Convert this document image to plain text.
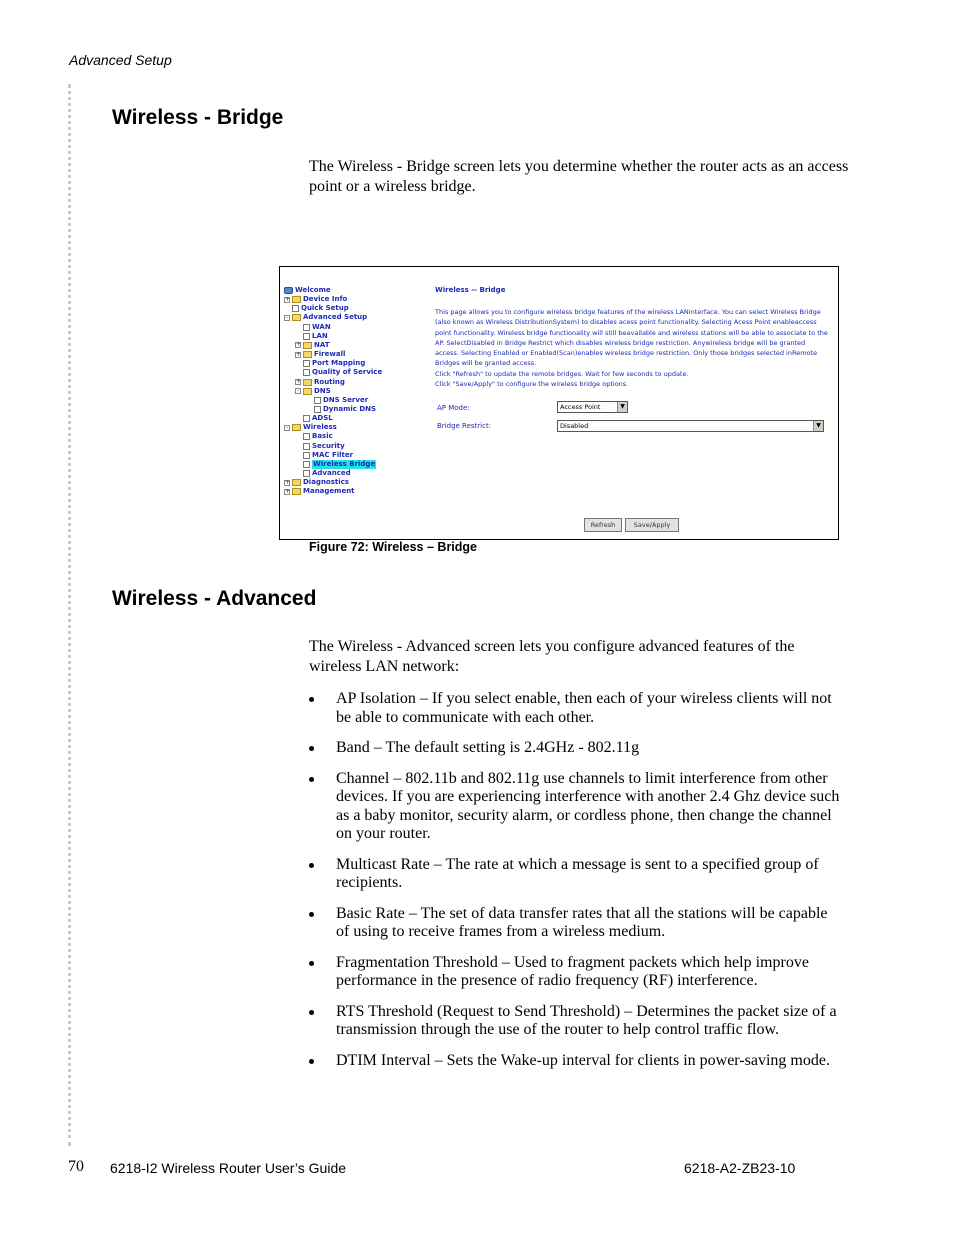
Advanced Setup
Wireless - Bridge

The Wireless - Bridge screen lets you determine whether the router acts as an access point or a wireless bridge.

Welcome
+ Device Info
Quick Setup
- Advanced Setup
WAN
LAN
+ NAT
+ Firewall
Port Mapping
Quality of Service
+ Routing
- DNS
DNS Server
Dynamic DNS
ADSL
- Wireless
Basic
Security
MAC Filter
Wireless Bridge
Advanced
+ Diagnostics
+ Management
Wireless -- Bridge
This page allows you to configure wireless bridge features of the wireless LANinterface. You can select Wireless Bridge (also known as Wireless DistributionSystem) to disables acess point functionality. Selecting Acess Point enableaccess point functionality. Wireless bridge functionality will still beavailable and wireless stations will be able to associate to the AP. SelectDisabled in Bridge Restrict which disables wireless bridge restriction. Anywireless bridge will be granted access. Selecting Enabled or Enabled(Scan)enables wireless bridge restriction. Only those bridges selected inRemote Bridges will be granted access.
Click "Refresh" to update the remote bridges. Wait for few seconds to update.
Click "Save/Apply" to configure the wireless bridge options.
AP Mode:	Access Point	▼
Bridge Restrict:	Disabled	▼
Refresh	Save/Apply
Figure 72: Wireless – Bridge
Wireless - Advanced

The Wireless - Advanced screen lets you configure advanced features of the wireless LAN network:

AP Isolation – If you select enable, then each of your wireless clients will not be able to communicate with each other.
Band – The default setting is 2.4GHz - 802.11g
Channel – 802.11b and 802.11g use channels to limit interference from other devices. If you are experiencing interference with another 2.4 Ghz device such as a baby monitor, security alarm, or cordless phone, then change the channel on your router.
Multicast Rate – The rate at which a message is sent to a specified group of recipients.
Basic Rate – The set of data transfer rates that all the stations will be capable of using to receive frames from a wireless medium.
Fragmentation Threshold – Used to fragment packets which help improve performance in the presence of radio frequency (RF) interference.
RTS Threshold (Request to Send Threshold) – Determines the packet size of a transmission through the use of the router to help control traffic flow.
DTIM Interval – Sets the Wake-up interval for clients in power-saving mode.
70 6218-I2 Wireless Router User’s Guide	6218-A2-ZB23-10
